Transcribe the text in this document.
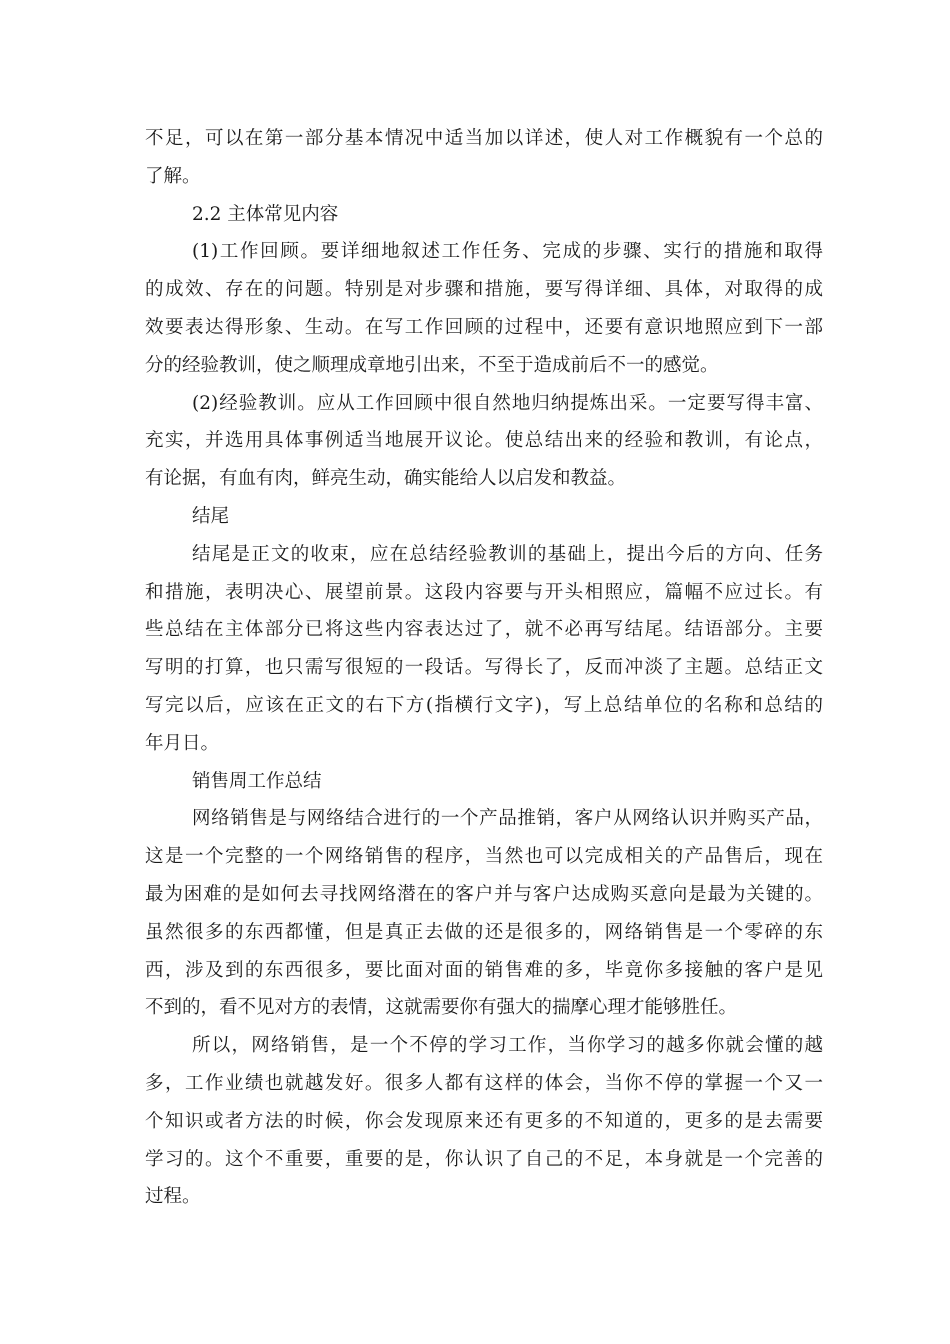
不足，可以在第一部分基本情况中适当加以详述，使人对工作概貌有一个总的
了解。
2.2 主体常见内容
(1)工作回顾。要详细地叙述工作任务、完成的步骤、实行的措施和取得
的成效、存在的问题。特别是对步骤和措施，要写得详细、具体，对取得的成
效要表达得形象、生动。在写工作回顾的过程中，还要有意识地照应到下一部
分的经验教训，使之顺理成章地引出来，不至于造成前后不一的感觉。
(2)经验教训。应从工作回顾中很自然地归纳提炼出采。一定要写得丰富、
充实，并选用具体事例适当地展开议论。使总结出来的经验和教训，有论点，
有论据，有血有肉，鲜亮生动，确实能给人以启发和教益。
结尾
结尾是正文的收束，应在总结经验教训的基础上，提出今后的方向、任务
和措施，表明决心、展望前景。这段内容要与开头相照应，篇幅不应过长。有
些总结在主体部分已将这些内容表达过了，就不必再写结尾。结语部分。主要
写明的打算，也只需写很短的一段话。写得长了，反而冲淡了主题。总结正文
写完以后，应该在正文的右下方(指横行文字)，写上总结单位的名称和总结的
年月日。
销售周工作总结
网络销售是与网络结合进行的一个产品推销，客户从网络认识并购买产品，
这是一个完整的一个网络销售的程序，当然也可以完成相关的产品售后，现在
最为困难的是如何去寻找网络潜在的客户并与客户达成购买意向是最为关键的。
虽然很多的东西都懂，但是真正去做的还是很多的，网络销售是一个零碎的东
西，涉及到的东西很多，要比面对面的销售难的多，毕竟你多接触的客户是见
不到的，看不见对方的表情，这就需要你有强大的揣摩心理才能够胜任。
所以，网络销售，是一个不停的学习工作，当你学习的越多你就会懂的越
多，工作业绩也就越发好。很多人都有这样的体会，当你不停的掌握一个又一
个知识或者方法的时候，你会发现原来还有更多的不知道的，更多的是去需要
学习的。这个不重要，重要的是，你认识了自己的不足，本身就是一个完善的
过程。
